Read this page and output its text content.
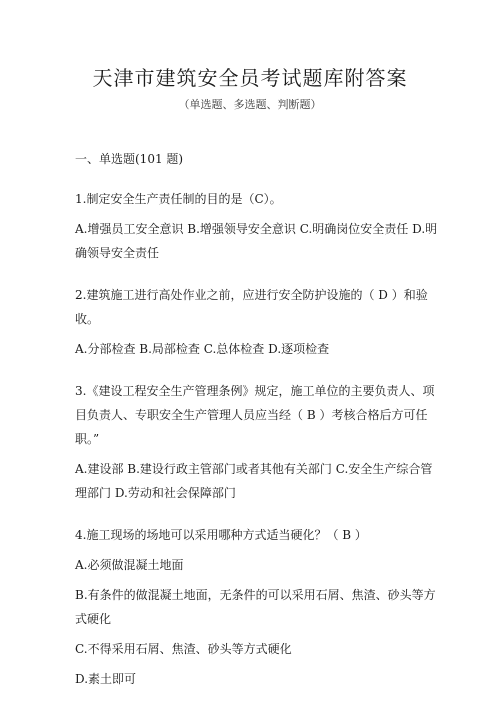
天津市建筑安全员考试题库附答案
（单选题、多选题、判断题）

一、单选题(101 题)

1.制定安全生产责任制的目的是（C）。

A.增强员工安全意识 B.增强领导安全意识 C.明确岗位安全责任 D.明确领导安全责任

2.建筑施工进行高处作业之前，应进行安全防护设施的（ D ）和验收。

A.分部检查 B.局部检查 C.总体检查 D.逐项检查

3.《建设工程安全生产管理条例》规定，施工单位的主要负责人、项目负责人、专职安全生产管理人员应当经（ B ）考核合格后方可任职。”

A.建设部 B.建设行政主管部门或者其他有关部门 C.安全生产综合管理部门 D.劳动和社会保障部门

4.施工现场的场地可以采用哪种方式适当硬化？（ B ）

A.必须做混凝土地面

B.有条件的做混凝土地面，无条件的可以采用石屑、焦渣、砂头等方式硬化

C.不得采用石屑、焦渣、砂头等方式硬化

D.素土即可
